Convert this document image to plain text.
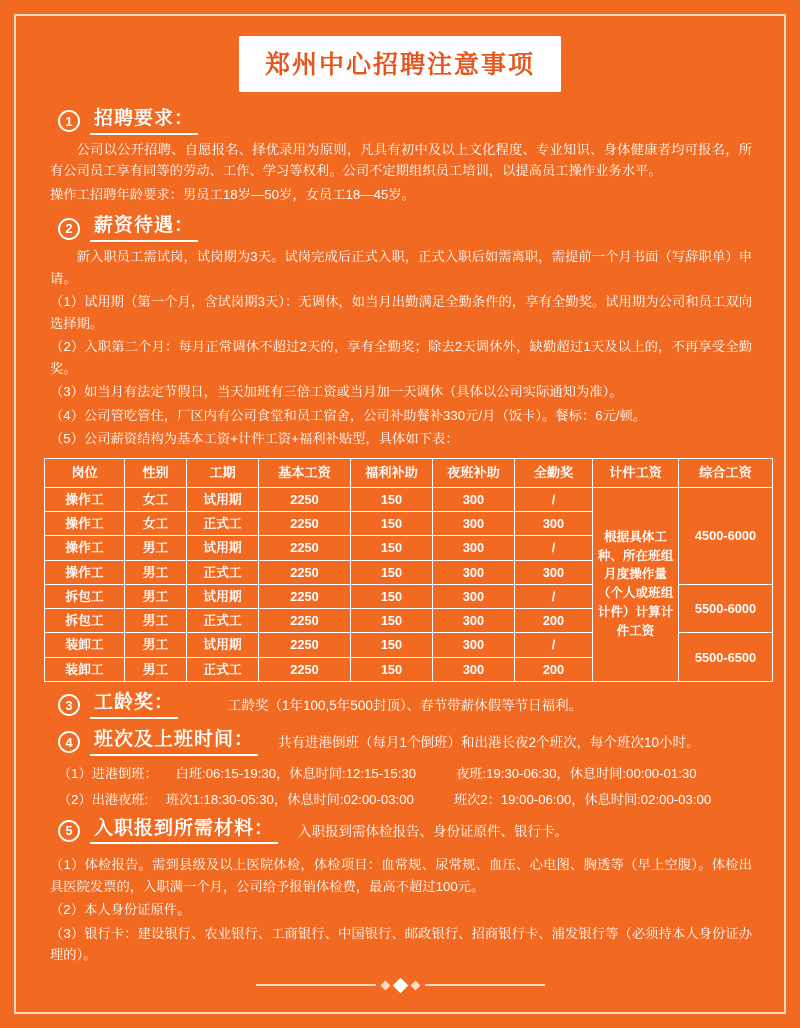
郑州中心招聘注意事项
1	招聘要求：

公司以公开招聘、自愿报名、择优录用为原则，凡具有初中及以上文化程度、专业知识、身体健康者均可报名，所有公司员工享有同等的劳动、工作、学习等权利。公司不定期组织员工培训，以提高员工操作业务水平。

操作工招聘年龄要求：男员工18岁—50岁，女员工18—45岁。

2	薪资待遇：

新入职员工需试岗，试岗期为3天。试岗完成后正式入职，正式入职后如需离职，需提前一个月书面（写辞职单）申请。

（1）试用期（第一个月，含试岗期3天）：无调休，如当月出勤满足全勤条件的，享有全勤奖。试用期为公司和员工双向选择期。

（2）入职第二个月：每月正常调休不超过2天的，享有全勤奖；除去2天调休外，缺勤超过1天及以上的，不再享受全勤奖。

（3）如当月有法定节假日，当天加班有三倍工资或当月加一天调休（具体以公司实际通知为准）。

（4）公司管吃管住，厂区内有公司食堂和员工宿舍，公司补助餐补330元/月（饭卡）。餐标：6元/顿。

（5）公司薪资结构为基本工资+计件工资+福利补贴型，具体如下表：

岗位	性别	工期	基本工资	福利补助	夜班补助	全勤奖	计件工资	综合工资
操作工	女工	试用期	2250	150	300	/	根据具体工种、所在班组月度操作量（个人或班组计件）计算计件工资	4500-6000
操作工	女工	正式工	2250	150	300	300		
操作工	男工	试用期	2250	150	300	/		
操作工	男工	正式工	2250	150	300	300		
拆包工	男工	试用期	2250	150	300	/		5500-6000
拆包工	男工	正式工	2250	150	300	200		
装卸工	男工	试用期	2250	150	300	/		5500-6500
装卸工	男工	正式工	2250	150	300	200		
3	工龄奖：	工龄奖（1年100,5年500封顶）、春节带薪休假等节日福利。
4	班次及上班时间： 共有进港倒班（每月1个倒班）和出港长夜2个班次，每个班次10小时。
（1）进港倒班： 白班: 06:15-19:30，休息时间:12:15-15:30	夜班: 19:30-06:30，休息时间:00:00-01:30
（2）出港夜班: 班次1: 18:30-05:30，休息时间:02:00-03:00	班次2： 19:00-06:00，休息时间:02:00-03:00
5	入职报到所需材料： 入职报到需体检报告、身份证原件、银行卡。

（1）体检报告。需到县级及以上医院体检，体检项目：血常规、尿常规、血压、心电图、胸透等（早上空腹）。体检出具医院发票的，入职满一个月，公司给予报销体检费，最高不超过100元。

（2）本人身份证原件。

（3）银行卡：建设银行、农业银行、工商银行、中国银行、邮政银行、招商银行卡、浦发银行等（必须持本人身份证办理的）。
